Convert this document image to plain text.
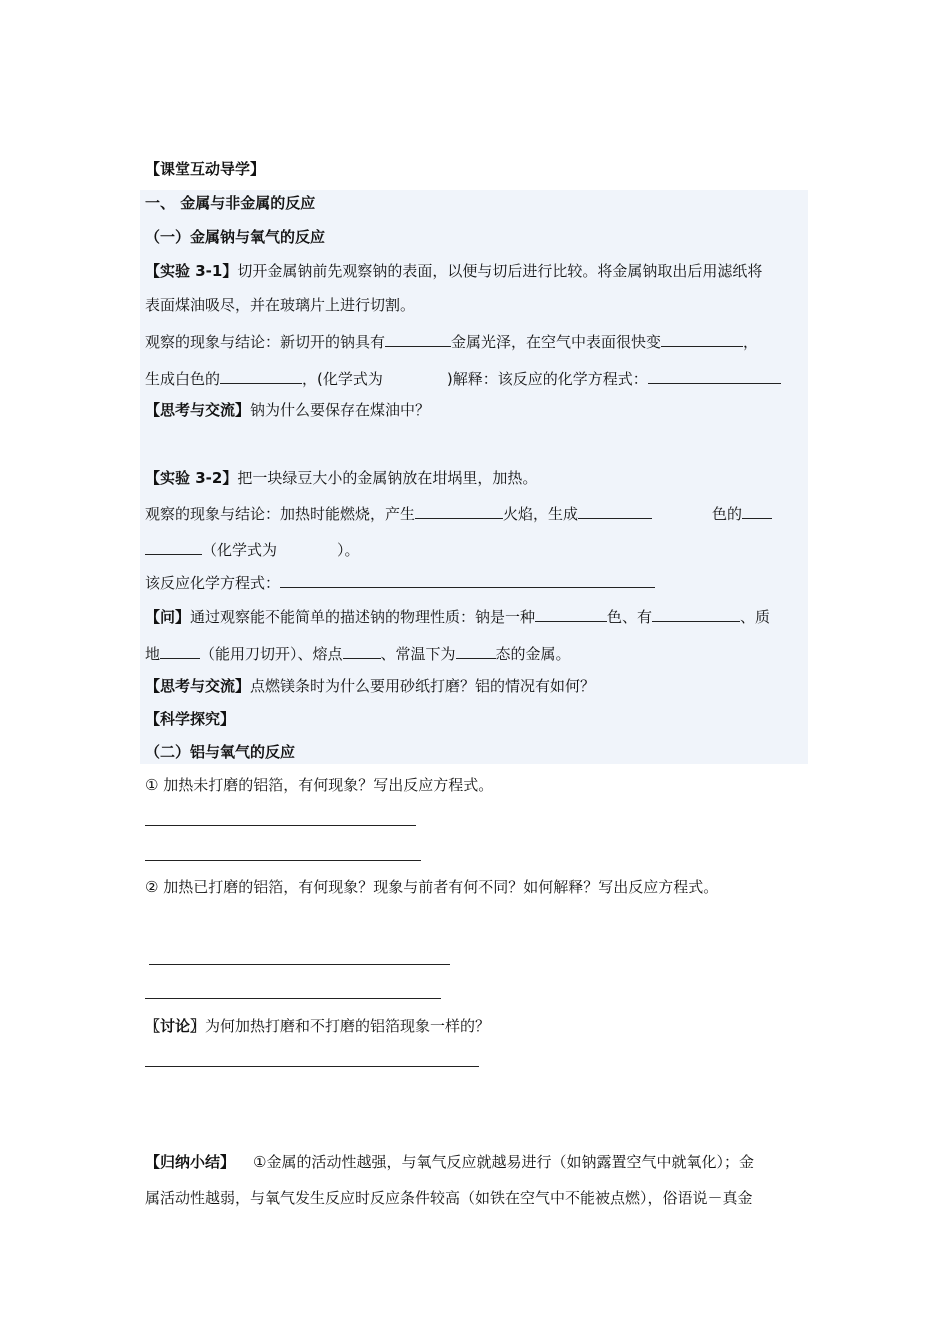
【课堂互动导学】
一、 金属与非金属的反应
（一）金属钠与氧气的反应
【实验 3-1】切开金属钠前先观察钠的表面，以便与切后进行比较。将金属钠取出后用滤纸将
表面煤油吸尽，并在玻璃片上进行切割。
观察的现象与结论：新切开的钠具有	金属光泽，在空气中表面很快变	，
生成白色的	，(化学式为	)解释：该反应的化学方程式：
【思考与交流】钠为什么要保存在煤油中？
【实验 3-2】把一块绿豆大小的金属钠放在坩埚里，加热。
观察的现象与结论：加热时能燃烧，产生	火焰，生成	色的
（化学式为	）。
该反应化学方程式：
【问】通过观察能不能简单的描述钠的物理性质：钠是一种	色、有	、质
地	（能用刀切开）、熔点	、常温下为	态的金属。
【思考与交流】点燃镁条时为什么要用砂纸打磨？铝的情况有如何？
【科学探究】
（二）铝与氧气的反应
① 加热未打磨的铝箔，有何现象？写出反应方程式。
② 加热已打磨的铝箔，有何现象？现象与前者有何不同？如何解释？写出反应方程式。
〖讨论〗为何加热打磨和不打磨的铝箔现象一样的？
【归纳小结】 ①金属的活动性越强，与氧气反应就越易进行（如钠露置空气中就氧化）；金
属活动性越弱，与氧气发生反应时反应条件较高（如铁在空气中不能被点燃），俗语说－真金
